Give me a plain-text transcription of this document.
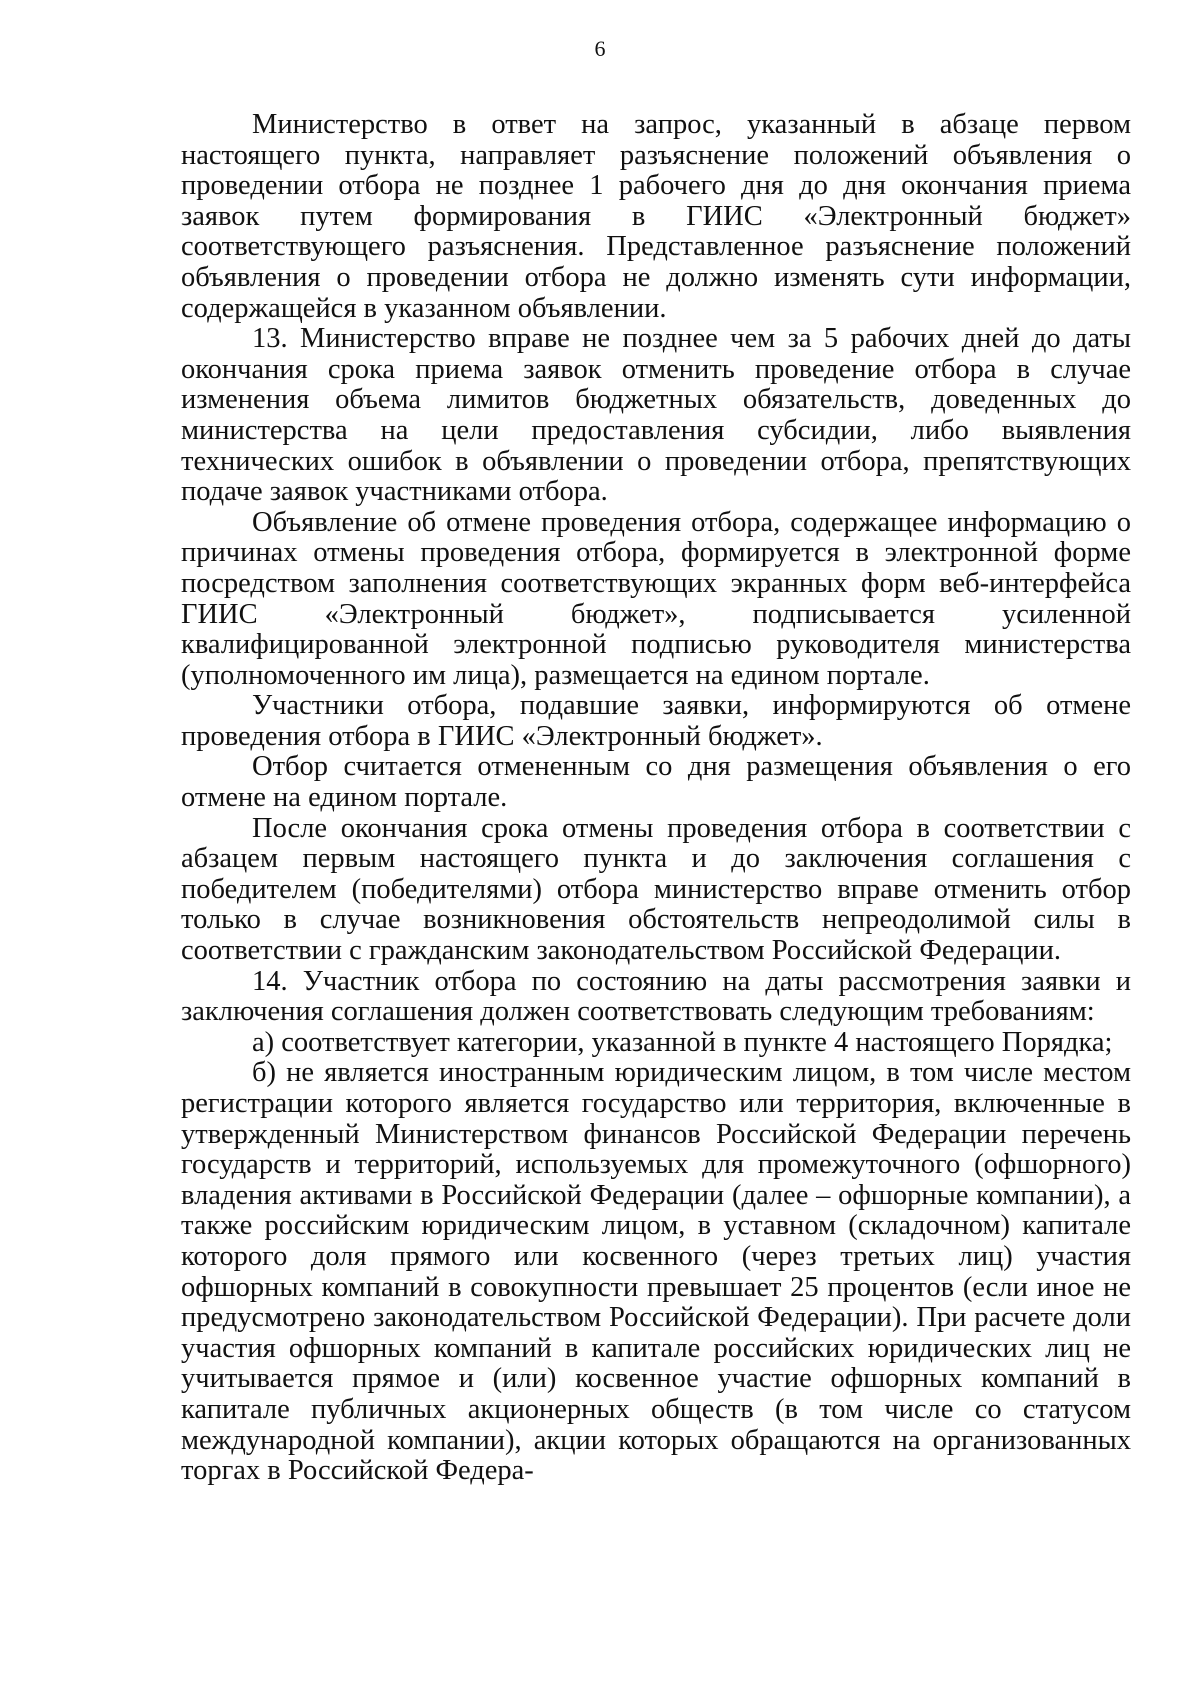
6

Министерство в ответ на запрос, указанный в абзаце первом настоящего пункта, направляет разъяснение положений объявления о проведении отбора не позднее 1 рабочего дня до дня окончания приема заявок путем формирования в ГИИС «Электронный бюджет» соответствующего разъяснения. Представленное разъяснение положений объявления о проведении отбора не должно изменять сути информации, содержащейся в указанном объявлении.

13. Министерство вправе не позднее чем за 5 рабочих дней до даты окончания срока приема заявок отменить проведение отбора в случае изменения объема лимитов бюджетных обязательств, доведенных до министерства на цели предоставления субсидии, либо выявления технических ошибок в объявлении о проведении отбора, препятствующих подаче заявок участниками отбора.

Объявление об отмене проведения отбора, содержащее информацию о причинах отмены проведения отбора, формируется в электронной форме посредством заполнения соответствующих экранных форм веб-интерфейса ГИИС «Электронный бюджет», подписывается усиленной квалифицированной электронной подписью руководителя министерства (уполномоченного им лица), размещается на едином портале.

Участники отбора, подавшие заявки, информируются об отмене проведения отбора в ГИИС «Электронный бюджет».

Отбор считается отмененным со дня размещения объявления о его отмене на едином портале.

После окончания срока отмены проведения отбора в соответствии с абзацем первым настоящего пункта и до заключения соглашения с победителем (победителями) отбора министерство вправе отменить отбор только в случае возникновения обстоятельств непреодолимой силы в соответствии с гражданским законодательством Российской Федерации.

14. Участник отбора по состоянию на даты рассмотрения заявки и заключения соглашения должен соответствовать следующим требованиям:

а) соответствует категории, указанной в пункте 4 настоящего Порядка;

б) не является иностранным юридическим лицом, в том числе местом регистрации которого является государство или территория, включенные в утвержденный Министерством финансов Российской Федерации перечень государств и территорий, используемых для промежуточного (офшорного) владения активами в Российской Федерации (далее – офшорные компании), а также российским юридическим лицом, в уставном (складочном) капитале которого доля прямого или косвенного (через третьих лиц) участия офшорных компаний в совокупности превышает 25 процентов (если иное не предусмотрено законодательством Российской Федерации). При расчете доли участия офшорных компаний в капитале российских юридических лиц не учитывается прямое и (или) косвенное участие офшорных компаний в капитале публичных акционерных обществ (в том числе со статусом международной компании), акции которых обращаются на организованных торгах в Российской Федера-
